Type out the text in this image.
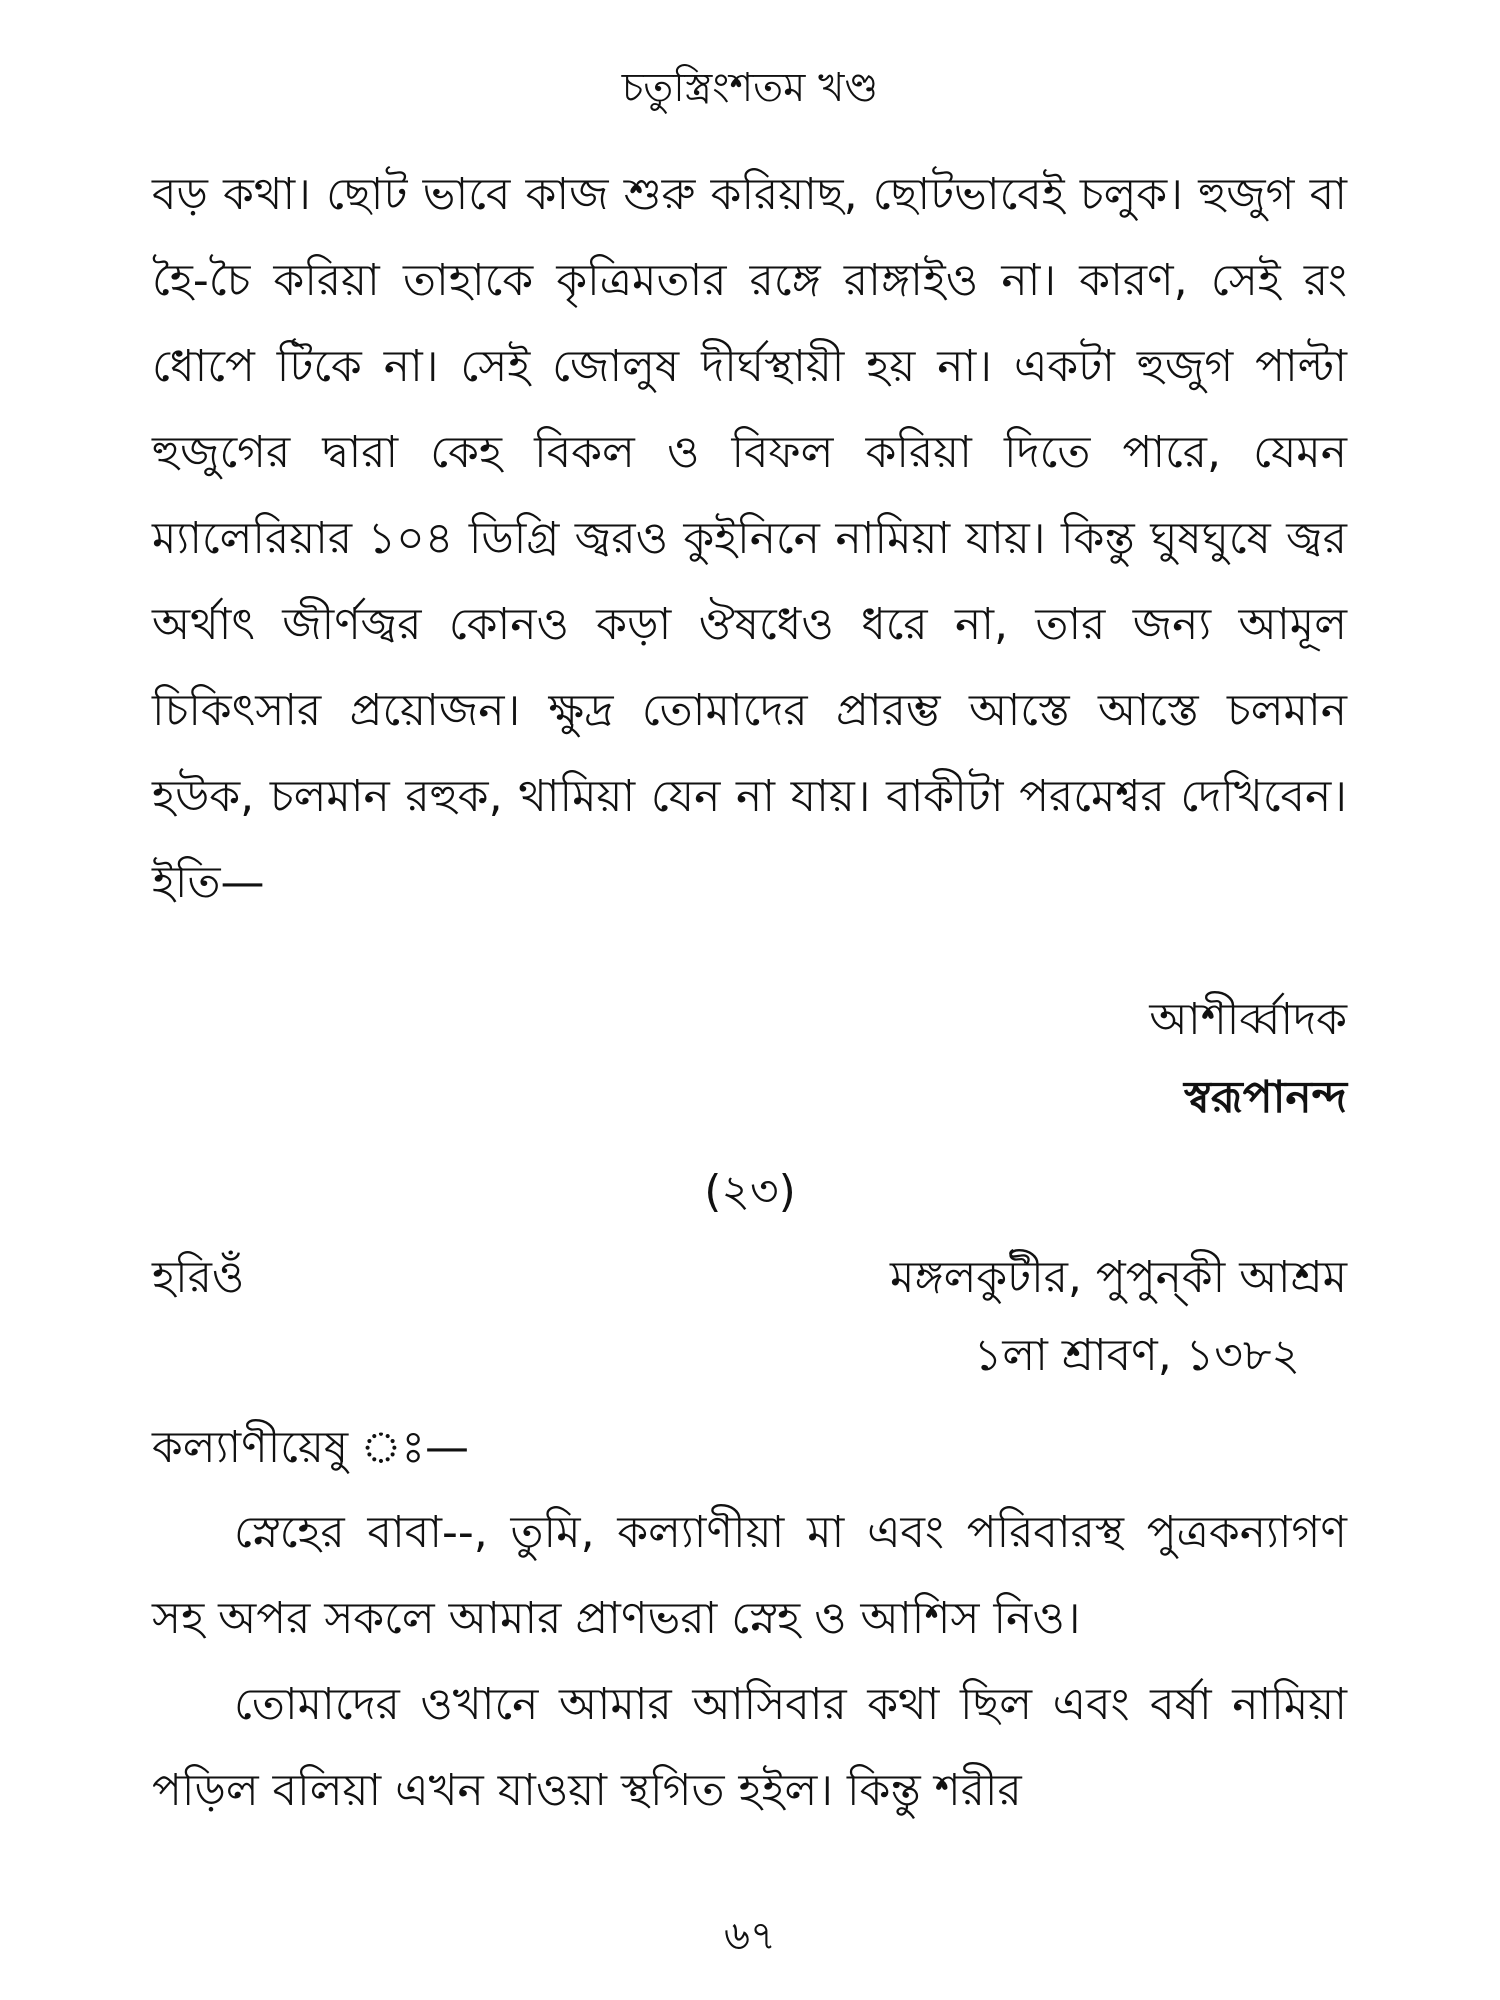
চতুস্ত্রিংশতম খণ্ড

বড় কথা। ছোট ভাবে কাজ শুরু করিয়াছ, ছোটভাবেই চলুক। হুজুগ বা হৈ-চৈ করিয়া তাহাকে কৃত্রিমতার রঙ্গে রাঙ্গাইও না। কারণ, সেই রং ধোপে টিকে না। সেই জোলুষ দীর্ঘস্থায়ী হয় না। একটা হুজুগ পাল্টা হুজুগের দ্বারা কেহ বিকল ও বিফল করিয়া দিতে পারে, যেমন ম্যালেরিয়ার ১০৪ ডিগ্রি জ্বরও কুইনিনে নামিয়া যায়। কিন্তু ঘুষঘুষে জ্বর অর্থাৎ জীর্ণজ্বর কোনও কড়া ঔষধেও ধরে না, তার জন্য আমূল চিকিৎসার প্রয়োজন। ক্ষুদ্র তোমাদের প্রারম্ভ আস্তে আস্তে চলমান হউক, চলমান রহুক, থামিয়া যেন না যায়। বাকীটা পরমেশ্বর দেখিবেন। ইতি—

আশীর্ব্বাদক
স্বরূপানন্দ
(২৩)
হরিওঁ	মঙ্গলকুটীর, পুপুন্‌কী আশ্রম
১লা শ্রাবণ, ১৩৮২
কল্যাণীয়েষু ঃ—

স্নেহের বাবা--, তুমি, কল্যাণীয়া মা এবং পরিবারস্থ পুত্রকন্যাগণ সহ অপর সকলে আমার প্রাণভরা স্নেহ ও আশিস নিও।

তোমাদের ওখানে আমার আসিবার কথা ছিল এবং বর্ষা নামিয়া পড়িল বলিয়া এখন যাওয়া স্থগিত হইল। কিন্তু শরীর

৬৭
